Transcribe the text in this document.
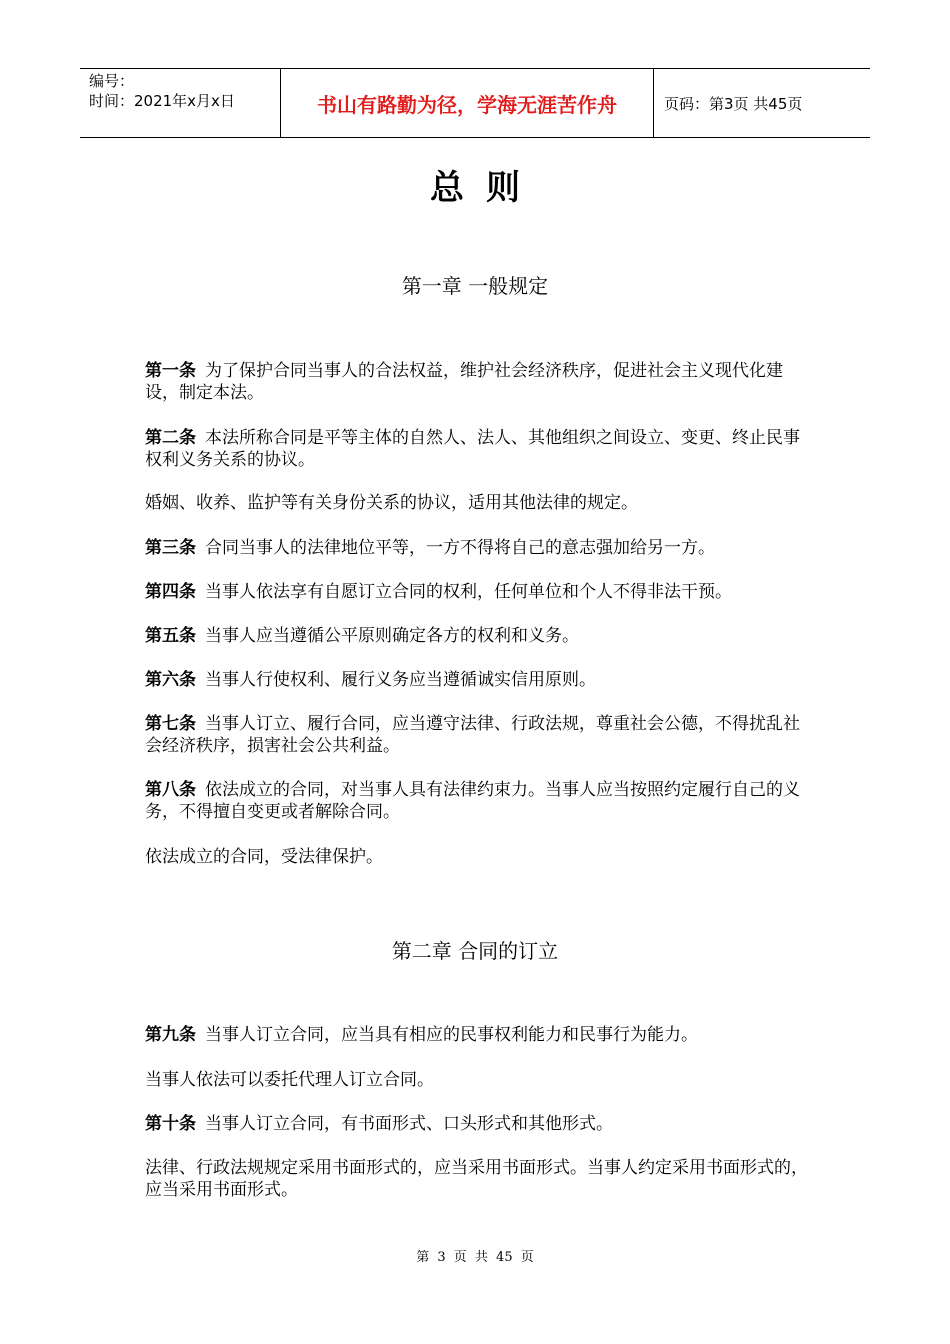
编号：
时间：2021年x月x日	书山有路勤为径，学海无涯苦作舟	页码：第3页 共45页
总则
第一章 一般规定
第一条 为了保护合同当事人的合法权益，维护社会经济秩序，促进社会主义现代化建设，制定本法。
第二条 本法所称合同是平等主体的自然人、法人、其他组织之间设立、变更、终止民事权利义务关系的协议。
婚姻、收养、监护等有关身份关系的协议，适用其他法律的规定。
第三条 合同当事人的法律地位平等，一方不得将自己的意志强加给另一方。
第四条 当事人依法享有自愿订立合同的权利，任何单位和个人不得非法干预。
第五条 当事人应当遵循公平原则确定各方的权利和义务。
第六条 当事人行使权利、履行义务应当遵循诚实信用原则。
第七条 当事人订立、履行合同，应当遵守法律、行政法规，尊重社会公德，不得扰乱社会经济秩序，损害社会公共利益。
第八条 依法成立的合同，对当事人具有法律约束力。当事人应当按照约定履行自己的义务，不得擅自变更或者解除合同。
依法成立的合同，受法律保护。
第二章 合同的订立
第九条 当事人订立合同，应当具有相应的民事权利能力和民事行为能力。
当事人依法可以委托代理人订立合同。
第十条 当事人订立合同，有书面形式、口头形式和其他形式。
法律、行政法规规定采用书面形式的，应当采用书面形式。当事人约定采用书面形式的，应当采用书面形式。
第 3 页 共 45 页
